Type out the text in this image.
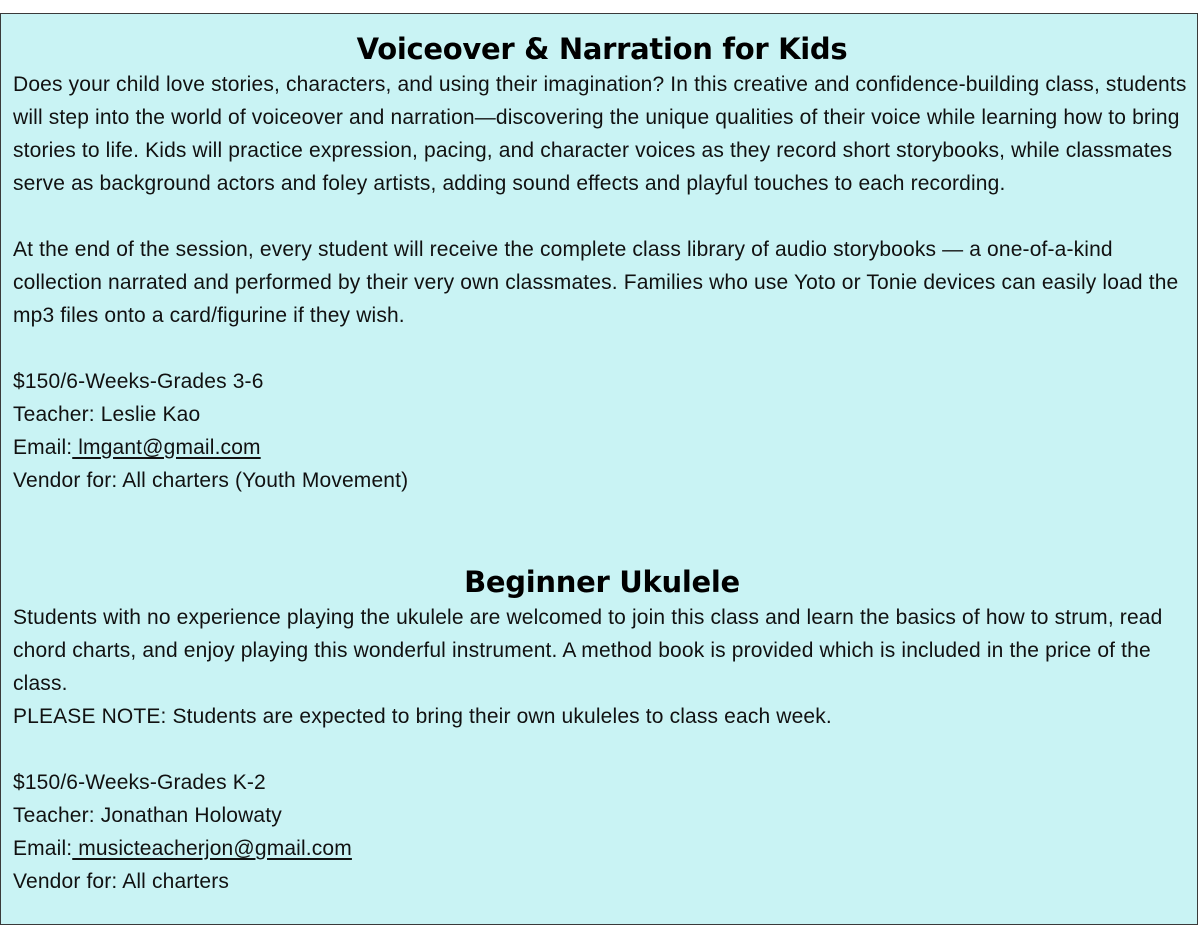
Voiceover & Narration for Kids

Does your child love stories, characters, and using their imagination? In this creative and confidence-building class, students will step into the world of voiceover and narration—discovering the unique qualities of their voice while learning how to bring stories to life. Kids will practice expression, pacing, and character voices as they record short storybooks, while classmates serve as background actors and foley artists, adding sound effects and playful touches to each recording.

At the end of the session, every student will receive the complete class library of audio storybooks — a one-of-a-kind collection narrated and performed by their very own classmates. Families who use Yoto or Tonie devices can easily load the mp3 files onto a card/figurine if they wish.

$150/6-Weeks-Grades 3-6
Teacher: Leslie Kao
Email: lmgant@gmail.com
Vendor for: All charters (Youth Movement)
Beginner Ukulele

Students with no experience playing the ukulele are welcomed to join this class and learn the basics of how to strum, read chord charts, and enjoy playing this wonderful instrument. A method book is provided which is included in the price of the class.

PLEASE NOTE: Students are expected to bring their own ukuleles to class each week.
$150/6-Weeks-Grades K-2
Teacher: Jonathan Holowaty
Email: musicteacherjon@gmail.com
Vendor for: All charters
